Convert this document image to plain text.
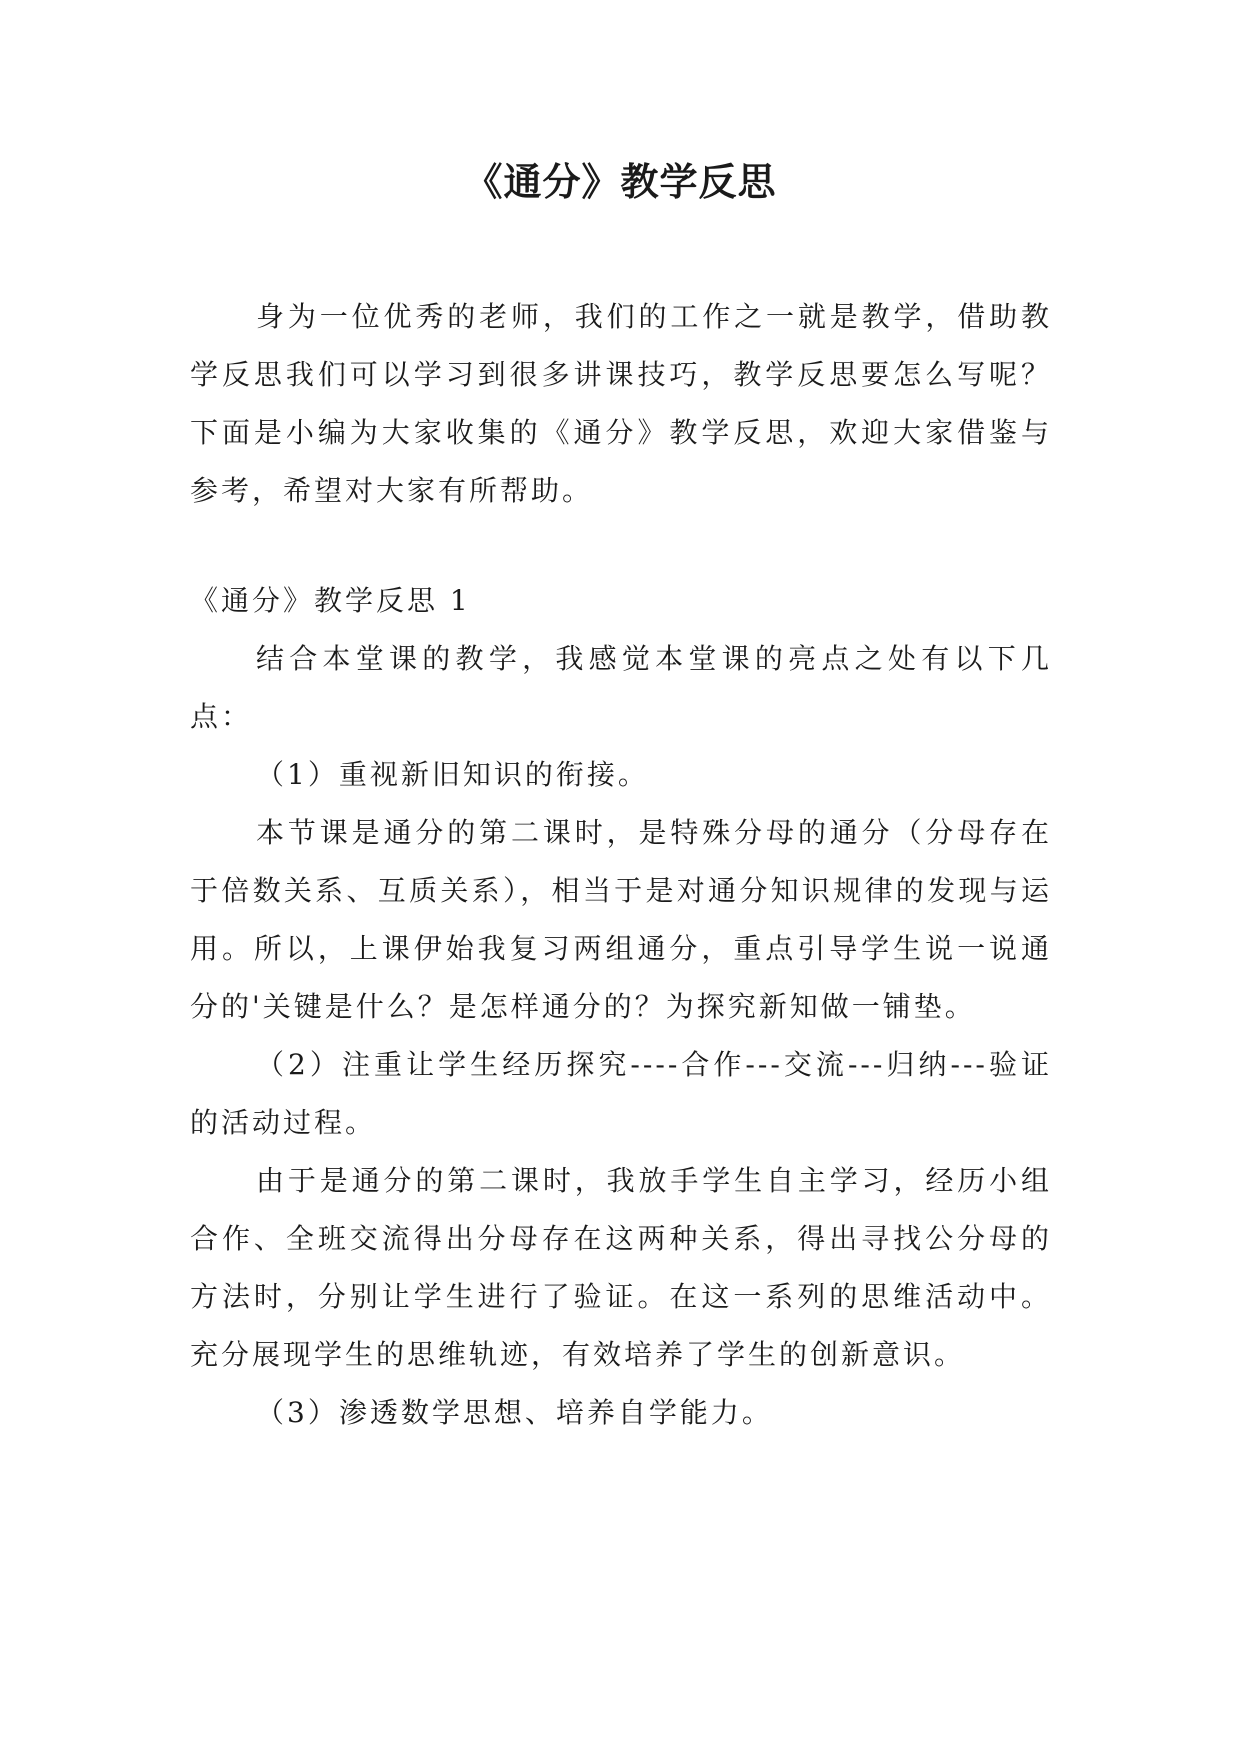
《通分》教学反思

身为一位优秀的老师，我们的工作之一就是教学，借助教学反思我们可以学习到很多讲课技巧，教学反思要怎么写呢？下面是小编为大家收集的《通分》教学反思，欢迎大家借鉴与参考，希望对大家有所帮助。

《通分》教学反思 1

结合本堂课的教学，我感觉本堂课的亮点之处有以下几点：

（1）重视新旧知识的衔接。

本节课是通分的第二课时，是特殊分母的通分（分母存在于倍数关系、互质关系），相当于是对通分知识规律的发现与运用。所以，上课伊始我复习两组通分，重点引导学生说一说通分的'关键是什么？是怎样通分的？为探究新知做一铺垫。

（2）注重让学生经历探究----合作---交流---归纳---验证的活动过程。

由于是通分的第二课时，我放手学生自主学习，经历小组合作、全班交流得出分母存在这两种关系，得出寻找公分母的方法时，分别让学生进行了验证。在这一系列的思维活动中。充分展现学生的思维轨迹，有效培养了学生的创新意识。

（3）渗透数学思想、培养自学能力。
